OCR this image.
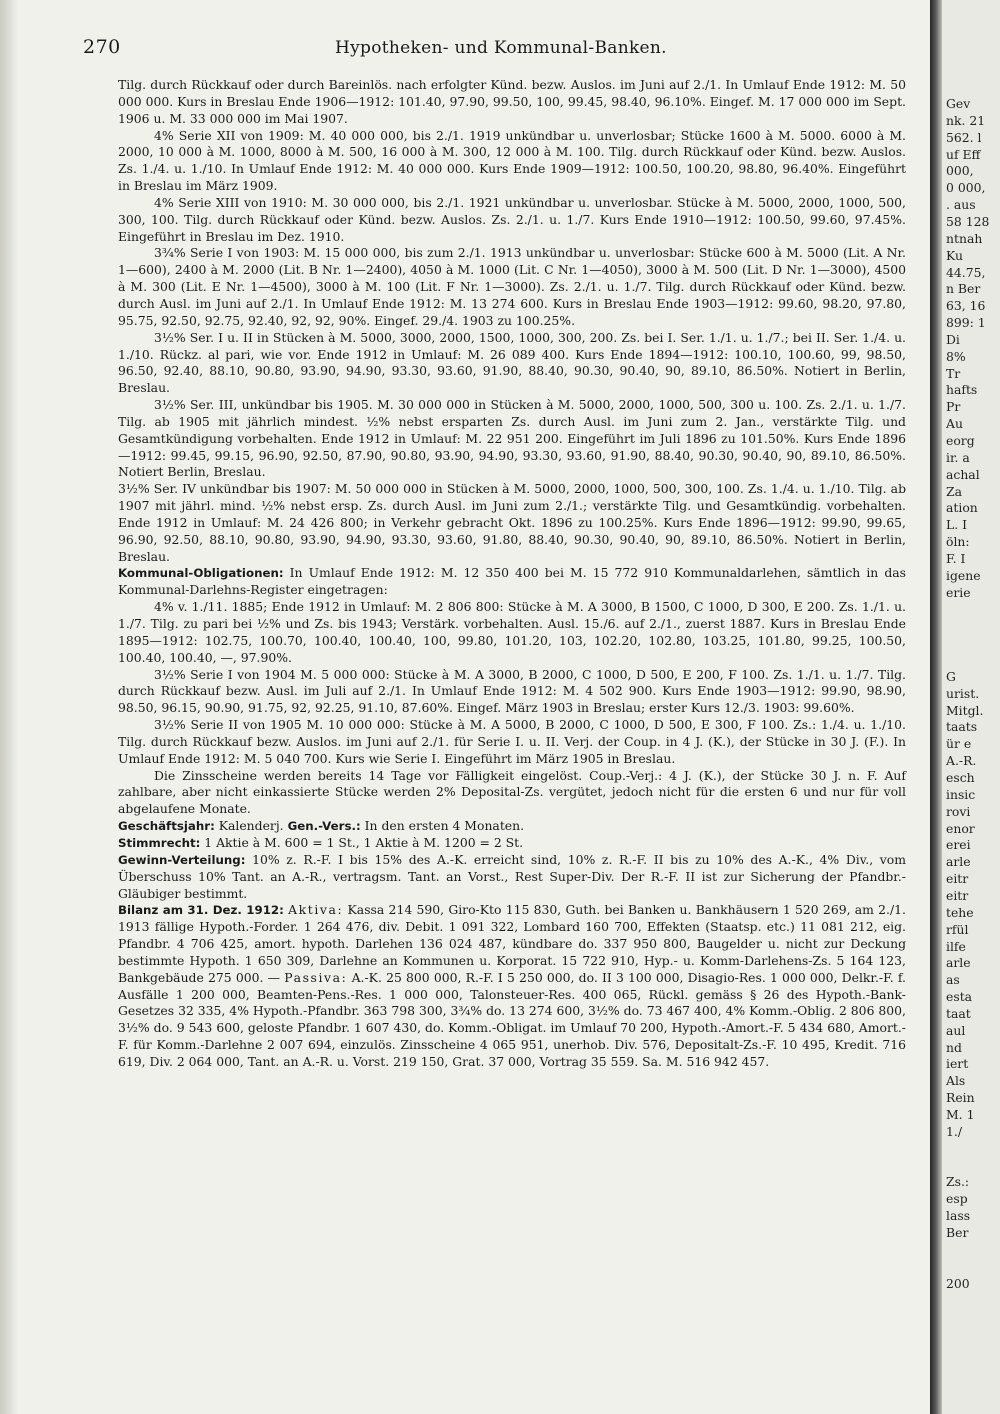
270	Hypotheken- und Kommunal-Banken.

Tilg. durch Rückkauf oder durch Bareinlös. nach erfolgter Künd. bezw. Auslos. im Juni auf 2./1. In Umlauf Ende 1912: M. 50 000 000. Kurs in Breslau Ende 1906—1912: 101.40, 97.90, 99.50, 100, 99.45, 98.40, 96.10%. Eingef. M. 17 000 000 im Sept. 1906 u. M. 33 000 000 im Mai 1907.

4% Serie XII von 1909: M. 40 000 000, bis 2./1. 1919 unkündbar u. unverlosbar; Stücke 1600 à M. 5000. 6000 à M. 2000, 10 000 à M. 1000, 8000 à M. 500, 16 000 à M. 300, 12 000 à M. 100. Tilg. durch Rückkauf oder Künd. bezw. Auslos. Zs. 1./4. u. 1./10. In Umlauf Ende 1912: M. 40 000 000. Kurs Ende 1909—1912: 100.50, 100.20, 98.80, 96.40%. Eingeführt in Breslau im März 1909.

4% Serie XIII von 1910: M. 30 000 000, bis 2./1. 1921 unkündbar u. unverlosbar. Stücke à M. 5000, 2000, 1000, 500, 300, 100. Tilg. durch Rückkauf oder Künd. bezw. Auslos. Zs. 2./1. u. 1./7. Kurs Ende 1910—1912: 100.50, 99.60, 97.45%. Eingeführt in Breslau im Dez. 1910.

3¾% Serie I von 1903: M. 15 000 000, bis zum 2./1. 1913 unkündbar u. unverlosbar: Stücke 600 à M. 5000 (Lit. A Nr. 1—600), 2400 à M. 2000 (Lit. B Nr. 1—2400), 4050 à M. 1000 (Lit. C Nr. 1—4050), 3000 à M. 500 (Lit. D Nr. 1—3000), 4500 à M. 300 (Lit. E Nr. 1—4500), 3000 à M. 100 (Lit. F Nr. 1—3000). Zs. 2./1. u. 1./7. Tilg. durch Rückkauf oder Künd. bezw. durch Ausl. im Juni auf 2./1. In Umlauf Ende 1912: M. 13 274 600. Kurs in Breslau Ende 1903—1912: 99.60, 98.20, 97.80, 95.75, 92.50, 92.75, 92.40, 92, 92, 90%. Eingef. 29./4. 1903 zu 100.25%.

3½% Ser. I u. II in Stücken à M. 5000, 3000, 2000, 1500, 1000, 300, 200. Zs. bei I. Ser. 1./1. u. 1./7.; bei II. Ser. 1./4. u. 1./10. Rückz. al pari, wie vor. Ende 1912 in Umlauf: M. 26 089 400. Kurs Ende 1894—1912: 100.10, 100.60, 99, 98.50, 96.50, 92.40, 88.10, 90.80, 93.90, 94.90, 93.30, 93.60, 91.90, 88.40, 90.30, 90.40, 90, 89.10, 86.50%. Notiert in Berlin, Breslau.

3½% Ser. III, unkündbar bis 1905. M. 30 000 000 in Stücken à M. 5000, 2000, 1000, 500, 300 u. 100. Zs. 2./1. u. 1./7. Tilg. ab 1905 mit jährlich mindest. ½% nebst ersparten Zs. durch Ausl. im Juni zum 2. Jan., verstärkte Tilg. und Gesamtkündigung vorbehalten. Ende 1912 in Umlauf: M. 22 951 200. Eingeführt im Juli 1896 zu 101.50%. Kurs Ende 1896—1912: 99.45, 99.15, 96.90, 92.50, 87.90, 90.80, 93.90, 94.90, 93.30, 93.60, 91.90, 88.40, 90.30, 90.40, 90, 89.10, 86.50%. Notiert Berlin, Breslau.

3½% Ser. IV unkündbar bis 1907: M. 50 000 000 in Stücken à M. 5000, 2000, 1000, 500, 300, 100. Zs. 1./4. u. 1./10. Tilg. ab 1907 mit jährl. mind. ½% nebst ersp. Zs. durch Ausl. im Juni zum 2./1.; verstärkte Tilg. und Gesamtkündig. vorbehalten. Ende 1912 in Umlauf: M. 24 426 800; in Verkehr gebracht Okt. 1896 zu 100.25%. Kurs Ende 1896—1912: 99.90, 99.65, 96.90, 92.50, 88.10, 90.80, 93.90, 94.90, 93.30, 93.60, 91.80, 88.40, 90.30, 90.40, 90, 89.10, 86.50%. Notiert in Berlin, Breslau.

Kommunal-Obligationen: In Umlauf Ende 1912: M. 12 350 400 bei M. 15 772 910 Kommunaldarlehen, sämtlich in das Kommunal-Darlehns-Register eingetragen:

4% v. 1./11. 1885; Ende 1912 in Umlauf: M. 2 806 800: Stücke à M. A 3000, B 1500, C 1000, D 300, E 200. Zs. 1./1. u. 1./7. Tilg. zu pari bei ½% und Zs. bis 1943; Verstärk. vorbehalten. Ausl. 15./6. auf 2./1., zuerst 1887. Kurs in Breslau Ende 1895—1912: 102.75, 100.70, 100.40, 100.40, 100, 99.80, 101.20, 103, 102.20, 102.80, 103.25, 101.80, 99.25, 100.50, 100.40, 100.40, —, 97.90%.

3½% Serie I von 1904 M. 5 000 000: Stücke à M. A 3000, B 2000, C 1000, D 500, E 200, F 100. Zs. 1./1. u. 1./7. Tilg. durch Rückkauf bezw. Ausl. im Juli auf 2./1. In Umlauf Ende 1912: M. 4 502 900. Kurs Ende 1903—1912: 99.90, 98.90, 98.50, 96.15, 90.90, 91.75, 92, 92.25, 91.10, 87.60%. Eingef. März 1903 in Breslau; erster Kurs 12./3. 1903: 99.60%.

3½% Serie II von 1905 M. 10 000 000: Stücke à M. A 5000, B 2000, C 1000, D 500, E 300, F 100. Zs.: 1./4. u. 1./10. Tilg. durch Rückkauf bezw. Auslos. im Juni auf 2./1. für Serie I. u. II. Verj. der Coup. in 4 J. (K.), der Stücke in 30 J. (F.). In Umlauf Ende 1912: M. 5 040 700. Kurs wie Serie I. Eingeführt im März 1905 in Breslau.

Die Zinsscheine werden bereits 14 Tage vor Fälligkeit eingelöst. Coup.-Verj.: 4 J. (K.), der Stücke 30 J. n. F. Auf zahlbare, aber nicht einkassierte Stücke werden 2% Deposital-Zs. vergütet, jedoch nicht für die ersten 6 und nur für voll abgelaufene Monate.

Geschäftsjahr: Kalenderj. Gen.-Vers.: In den ersten 4 Monaten.

Stimmrecht: 1 Aktie à M. 600 = 1 St., 1 Aktie à M. 1200 = 2 St.

Gewinn-Verteilung: 10% z. R.-F. I bis 15% des A.-K. erreicht sind, 10% z. R.-F. II bis zu 10% des A.-K., 4% Div., vom Überschuss 10% Tant. an A.-R., vertragsm. Tant. an Vorst., Rest Super-Div. Der R.-F. II ist zur Sicherung der Pfandbr.-Gläubiger bestimmt.

Bilanz am 31. Dez. 1912: Aktiva: Kassa 214 590, Giro-Kto 115 830, Guth. bei Banken u. Bankhäusern 1 520 269, am 2./1. 1913 fällige Hypoth.-Forder. 1 264 476, div. Debit. 1 091 322, Lombard 160 700, Effekten (Staatsp. etc.) 11 081 212, eig. Pfandbr. 4 706 425, amort. hypoth. Darlehen 136 024 487, kündbare do. 337 950 800, Baugelder u. nicht zur Deckung bestimmte Hypoth. 1 650 309, Darlehne an Kommunen u. Korporat. 15 722 910, Hyp.- u. Komm-Darlehens-Zs. 5 164 123, Bankgebäude 275 000. — Passiva: A.-K. 25 800 000, R.-F. I 5 250 000, do. II 3 100 000, Disagio-Res. 1 000 000, Delkr.-F. f. Ausfälle 1 200 000, Beamten-Pens.-Res. 1 000 000, Talonsteuer-Res. 400 065, Rückl. gemäss § 26 des Hypoth.-Bank-Gesetzes 32 335, 4% Hypoth.-Pfandbr. 363 798 300, 3¾% do. 13 274 600, 3½% do. 73 467 400, 4% Komm.-Oblig. 2 806 800, 3½% do. 9 543 600, geloste Pfandbr. 1 607 430, do. Komm.-Obligat. im Umlauf 70 200, Hypoth.-Amort.-F. 5 434 680, Amort.-F. für Komm.-Darlehne 2 007 694, einzulös. Zinsscheine 4 065 951, unerhob. Div. 576, Depositalt-Zs.-F. 10 495, Kredit. 716 619, Div. 2 064 000, Tant. an A.-R. u. Vorst. 219 150, Grat. 37 000, Vortrag 35 559. Sa. M. 516 942 457.

Gev
nk. 21
562. l
uf Eff
000,
0 000,
. aus
58 128
ntnah
Ku
44.75,
n Ber
63, 16
899: 1
Di
8%
Tr
hafts
Pr
Au
eorg
ir. a
achal
Za
ation
L. I
öln:
F. I
igene
erie
G
urist.
Mitgl.
taats
ür e
A.-R.
esch
insic
rovi
enor
erei
arle
eitr
eitr
tehe
rfül
ilfe
arle
as
esta
taat
aul
nd
iert
Als
Rein
M. 1
1./
Zs.:
esp
lass
Ber
200
